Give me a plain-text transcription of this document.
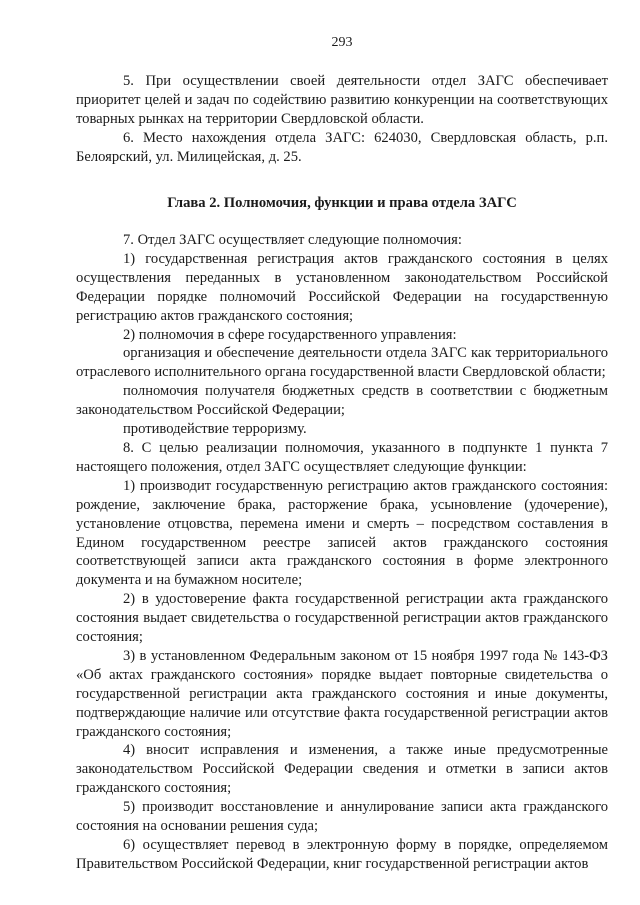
293

5. При осуществлении своей деятельности отдел ЗАГС обеспечивает приоритет целей и задач по содействию развитию конкуренции на соответствующих товарных рынках на территории Свердловской области.

6. Место нахождения отдела ЗАГС: 624030, Свердловская область, р.п. Белоярский, ул. Милицейская, д. 25.

Глава 2. Полномочия, функции и права отдела ЗАГС

7. Отдел ЗАГС осуществляет следующие полномочия:

1) государственная регистрация актов гражданского состояния в целях осуществления переданных в установленном законодательством Российской Федерации порядке полномочий Российской Федерации на государственную регистрацию актов гражданского состояния;

2) полномочия в сфере государственного управления:

организация и обеспечение деятельности отдела ЗАГС как территориального отраслевого исполнительного органа государственной власти Свердловской области;

полномочия получателя бюджетных средств в соответствии с бюджетным законодательством Российской Федерации;

противодействие терроризму.

8. С целью реализации полномочия, указанного в подпункте 1 пункта 7 настоящего положения, отдел ЗАГС осуществляет следующие функции:

1) производит государственную регистрацию актов гражданского состояния: рождение, заключение брака, расторжение брака, усыновление (удочерение), установление отцовства, перемена имени и смерть – посредством составления в Едином государственном реестре записей актов гражданского состояния соответствующей записи акта гражданского состояния в форме электронного документа и на бумажном носителе;

2) в удостоверение факта государственной регистрации акта гражданского состояния выдает свидетельства о государственной регистрации актов гражданского состояния;

3) в установленном Федеральным законом от 15 ноября 1997 года № 143-ФЗ «Об актах гражданского состояния» порядке выдает повторные свидетельства о государственной регистрации акта гражданского состояния и иные документы, подтверждающие наличие или отсутствие факта государственной регистрации актов гражданского состояния;

4) вносит исправления и изменения, а также иные предусмотренные законодательством Российской Федерации сведения и отметки в записи актов гражданского состояния;

5) производит восстановление и аннулирование записи акта гражданского состояния на основании решения суда;

6) осуществляет перевод в электронную форму в порядке, определяемом Правительством Российской Федерации, книг государственной регистрации актов
